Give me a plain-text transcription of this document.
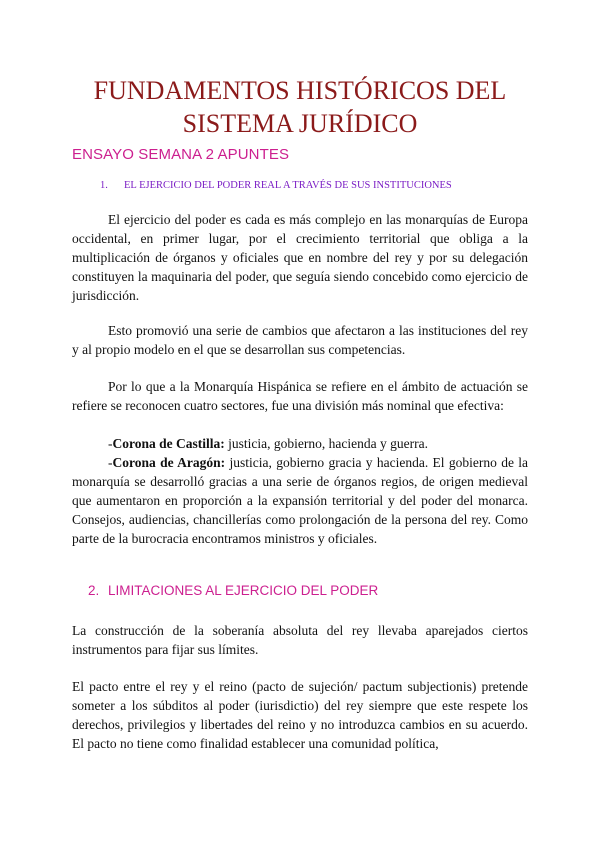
FUNDAMENTOS HISTÓRICOS DEL SISTEMA JURÍDICO
ENSAYO SEMANA 2 APUNTES
1. EL EJERCICIO DEL PODER REAL A TRAVÉS DE SUS INSTITUCIONES

El ejercicio del poder es cada es más complejo en las monarquías de Europa occidental, en primer lugar, por el crecimiento territorial que obliga a la multiplicación de órganos y oficiales que en nombre del rey y por su delegación constituyen la maquinaria del poder, que seguía siendo concebido como ejercicio de jurisdicción.

Esto promovió una serie de cambios que afectaron a las instituciones del rey y al propio modelo en el que se desarrollan sus competencias.

Por lo que a la Monarquía Hispánica se refiere en el ámbito de actuación se refiere se reconocen cuatro sectores, fue una división más nominal que efectiva:

-Corona de Castilla: justicia, gobierno, hacienda y guerra.

-Corona de Aragón: justicia, gobierno gracia y hacienda. El gobierno de la monarquía se desarrolló gracias a una serie de órganos regios, de origen medieval que aumentaron en proporción a la expansión territorial y del poder del monarca. Consejos, audiencias, chancillerías como prolongación de la persona del rey. Como parte de la burocracia encontramos ministros y oficiales.

2. LIMITACIONES AL EJERCICIO DEL PODER

La construcción de la soberanía absoluta del rey llevaba aparejados ciertos instrumentos para fijar sus límites.

El pacto entre el rey y el reino (pacto de sujeción/ pactum subjectionis) pretende someter a los súbditos al poder (iurisdictio) del rey siempre que este respete los derechos, privilegios y libertades del reino y no introduzca cambios en su acuerdo. El pacto no tiene como finalidad establecer una comunidad política,
